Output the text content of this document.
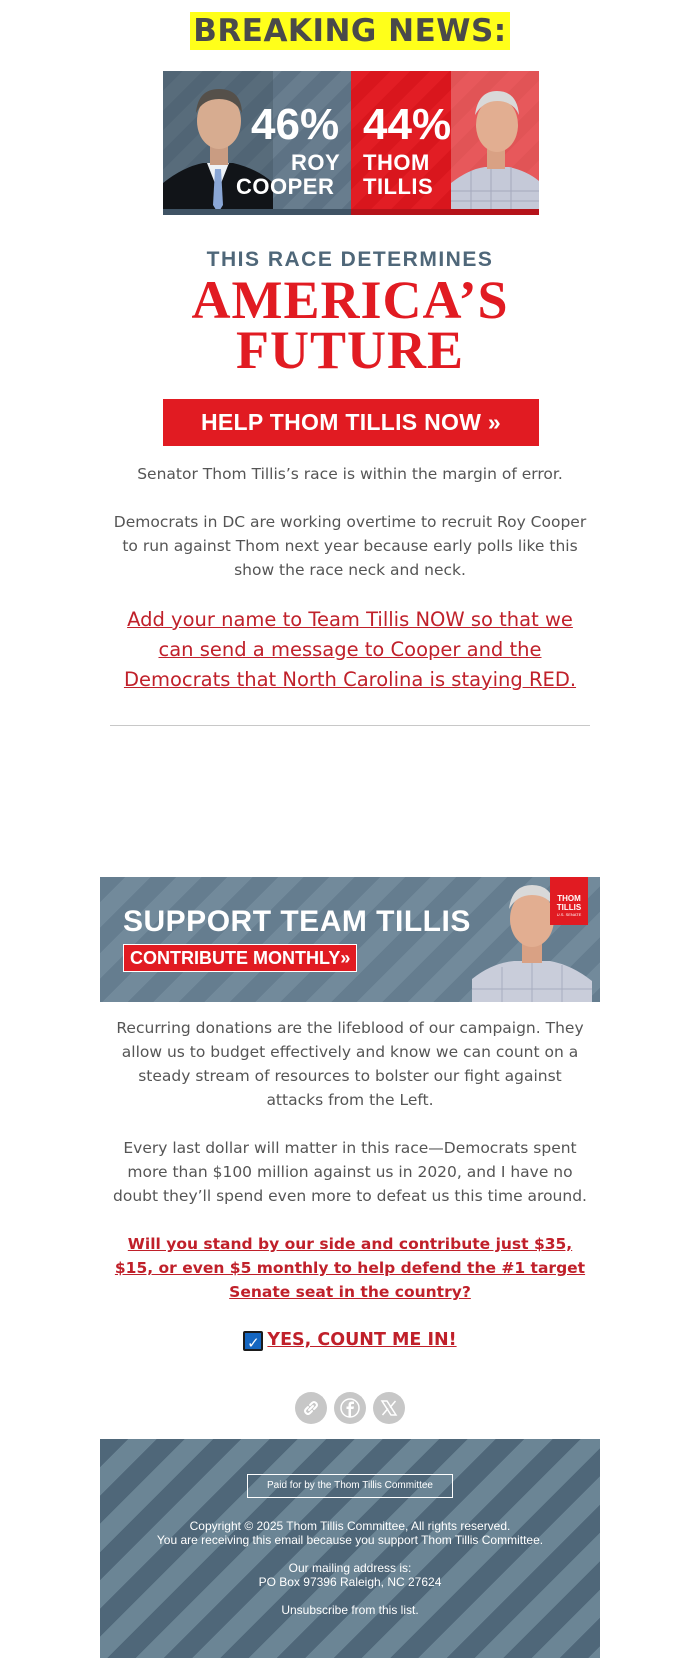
BREAKING NEWS:
46%
ROY
COOPER
44%
THOM
TILLIS
THIS RACE DETERMINES
AMERICA’S
FUTURE
HELP THOM TILLIS NOW »
Senator Thom Tillis’s race is within the margin of error.
Democrats in DC are working overtime to recruit Roy Cooper to run against Thom next year because early polls like this show the race neck and neck.
Add your name to Team Tillis NOW so that we can send a message to Cooper and the Democrats that North Carolina is staying RED.
SUPPORT TEAM TILLIS
CONTRIBUTE MONTHLY»
THOM
TILLIS
U.S. SENATE
Recurring donations are the lifeblood of our campaign. They allow us to budget effectively and know we can count on a steady stream of resources to bolster our fight against attacks from the Left.
Every last dollar will matter in this race—Democrats spent more than $100 million against us in 2020, and I have no doubt they’ll spend even more to defeat us this time around.
Will you stand by our side and contribute just $35, $15, or even $5 monthly to help defend the #1 target Senate seat in the country?
✓ YES, COUNT ME IN!

Paid for by the Thom Tillis Committee
Copyright © 2025 Thom Tillis Committee, All rights reserved.
You are receiving this email because you support Thom Tillis Committee.
Our mailing address is:
PO Box 97396 Raleigh, NC 27624
Unsubscribe from this list.
